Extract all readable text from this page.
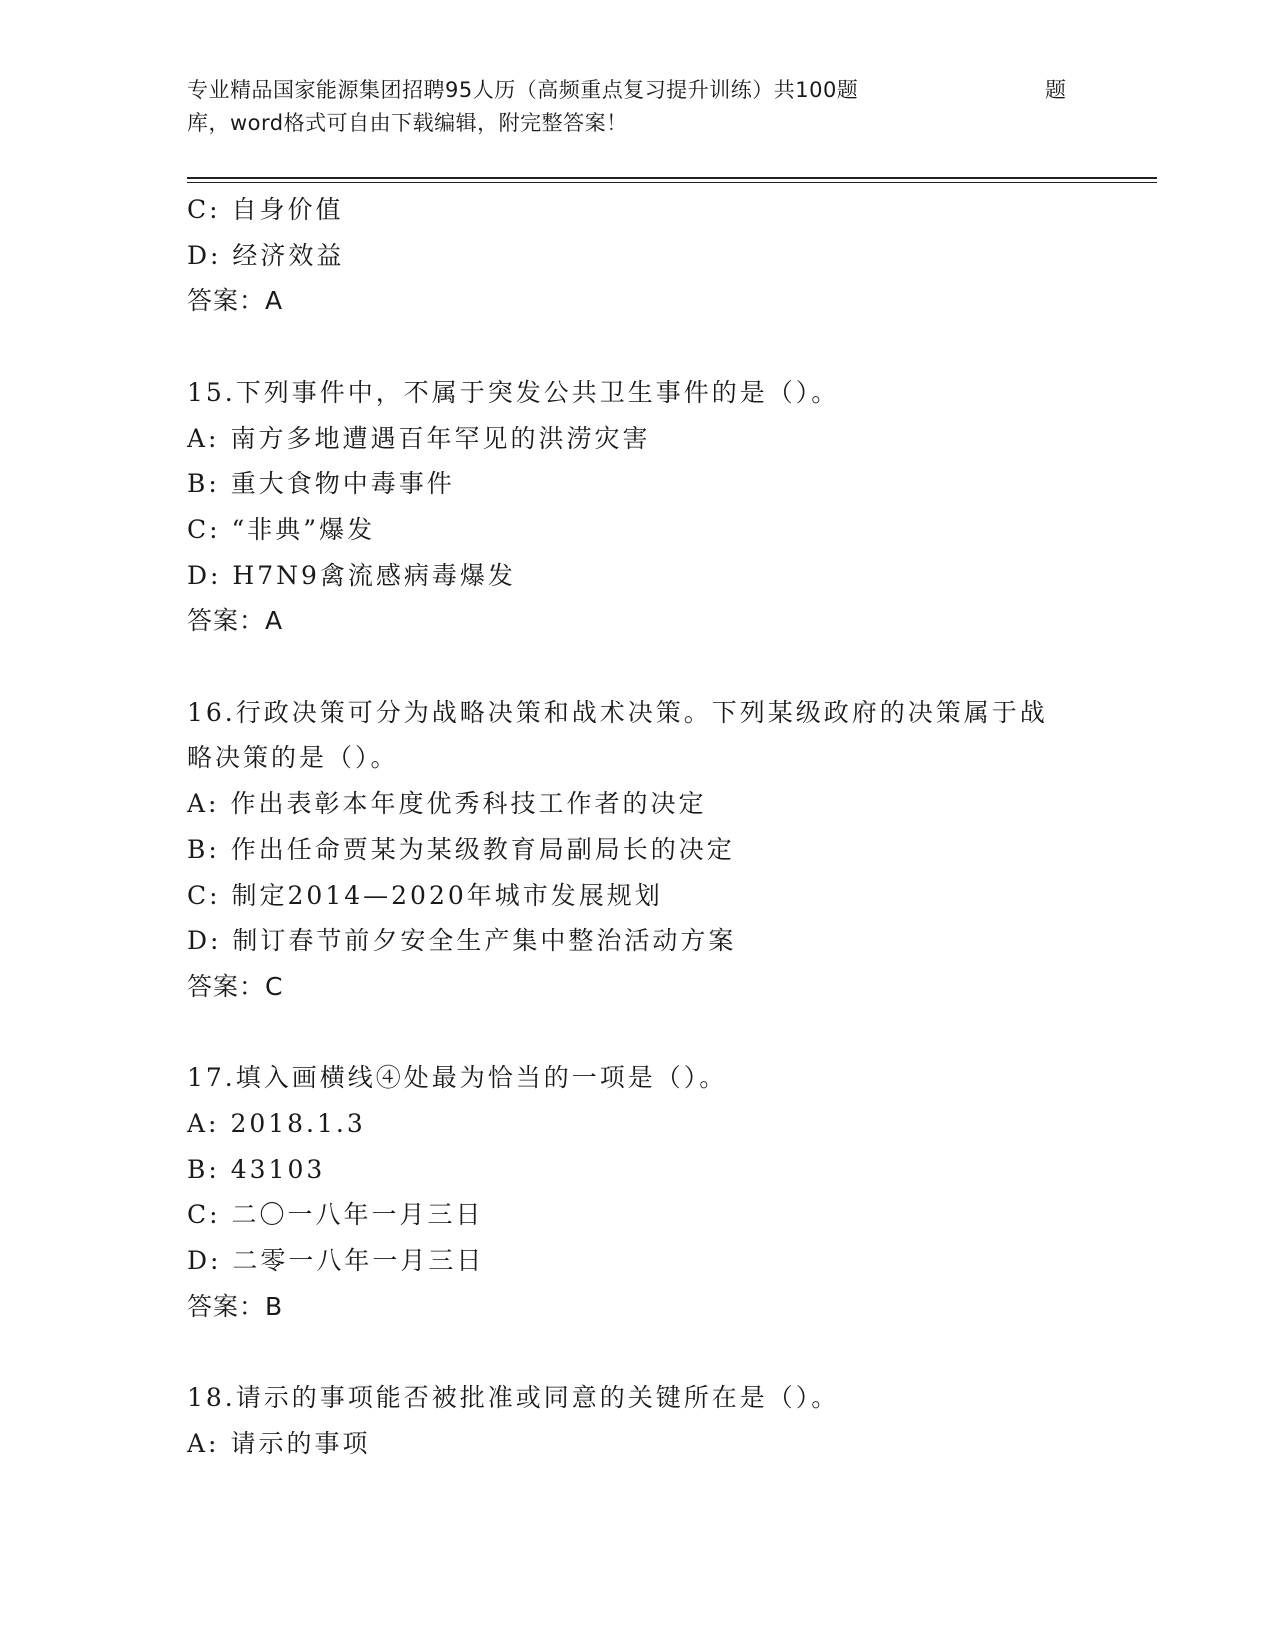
专业精品国家能源集团招聘95人历（高频重点复习提升训练）共100题	题
库，word格式可自由下载编辑，附完整答案！

C: 自身价值

D: 经济效益

答案：A

15.下列事件中，不属于突发公共卫生事件的是（）。

A: 南方多地遭遇百年罕见的洪涝灾害

B: 重大食物中毒事件

C: “非典”爆发

D: H7N9禽流感病毒爆发

答案：A

16.行政决策可分为战略决策和战术决策。下列某级政府的决策属于战

略决策的是（）。

A: 作出表彰本年度优秀科技工作者的决定

B: 作出任命贾某为某级教育局副局长的决定

C: 制定2014—2020年城市发展规划

D: 制订春节前夕安全生产集中整治活动方案

答案：C

17.填入画横线④处最为恰当的一项是（）。

A: 2018.1.3

B: 43103

C: 二〇一八年一月三日

D: 二零一八年一月三日

答案：B

18.请示的事项能否被批准或同意的关键所在是（）。

A: 请示的事项
